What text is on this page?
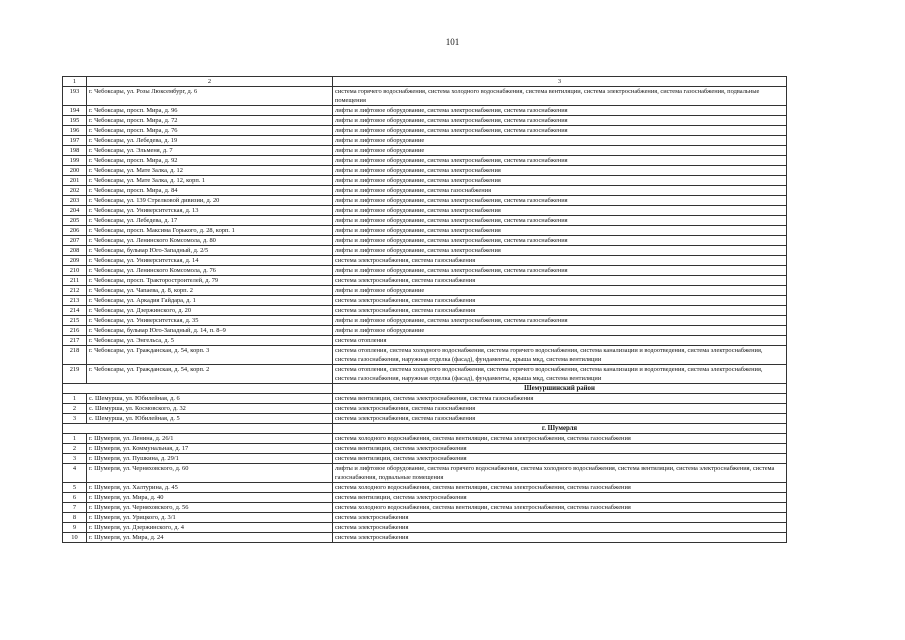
101
1	2	3
193	г. Чебоксары, ул. Розы Люксембург, д. 6	система горячего водоснабжения, система холодного водоснабжения, система вентиляции, система электроснабжения, система газоснабжения, подвальные помещения
194	г. Чебоксары, просп. Мира, д. 96	лифты и лифтовое оборудование, система электроснабжения, система газоснабжения
195	г. Чебоксары, просп. Мира, д. 72	лифты и лифтовое оборудование, система электроснабжения, система газоснабжения
196	г. Чебоксары, просп. Мира, д. 76	лифты и лифтовое оборудование, система электроснабжения, система газоснабжения
197	г. Чебоксары, ул. Лебедева, д. 19	лифты и лифтовое оборудование
198	г. Чебоксары, ул. Эльменя, д. 7	лифты и лифтовое оборудование
199	г. Чебоксары, просп. Мира, д. 92	лифты и лифтовое оборудование, система электроснабжения, система газоснабжения
200	г. Чебоксары, ул. Мате Залка, д. 12	лифты и лифтовое оборудование, система электроснабжения
201	г. Чебоксары, ул. Мате Залка, д. 12, корп. 1	лифты и лифтовое оборудование, система электроснабжения
202	г. Чебоксары, просп. Мира, д. 84	лифты и лифтовое оборудование, система газоснабжения
203	г. Чебоксары, ул. 139 Стрелковой дивизии, д. 20	лифты и лифтовое оборудование, система электроснабжения, система газоснабжения
204	г. Чебоксары, ул. Университетская, д. 13	лифты и лифтовое оборудование, система электроснабжения
205	г. Чебоксары, ул. Лебедева, д. 17	лифты и лифтовое оборудование, система электроснабжения, система газоснабжения
206	г. Чебоксары, просп. Максима Горького, д. 28, корп. 1	лифты и лифтовое оборудование, система электроснабжения
207	г. Чебоксары, ул. Ленинского Комсомола, д. 80	лифты и лифтовое оборудование, система электроснабжения, система газоснабжения
208	г. Чебоксары, бульвар Юго-Западный, д. 2/5	лифты и лифтовое оборудование, система электроснабжения
209	г. Чебоксары, ул. Университетская, д. 14	система электроснабжения, система газоснабжения
210	г. Чебоксары, ул. Ленинского Комсомола, д. 76	лифты и лифтовое оборудование, система электроснабжения, система газоснабжения
211	г. Чебоксары, просп. Тракторостроителей, д. 79	система электроснабжения, система газоснабжения
212	г. Чебоксары, ул. Чапаева, д. 8, корп. 2	лифты и лифтовое оборудование
213	г. Чебоксары, ул. Аркадия Гайдара, д. 1	система электроснабжения, система газоснабжения
214	г. Чебоксары, ул. Дзержинского, д. 20	система электроснабжения, система газоснабжения
215	г. Чебоксары, ул. Университетская, д. 35	лифты и лифтовое оборудование, система электроснабжения, система газоснабжения
216	г. Чебоксары, бульвар Юго-Западный, д. 14, п. 8–9	лифты и лифтовое оборудование
217	г. Чебоксары, ул. Энгельса, д. 5	система отопления
218	г. Чебоксары, ул. Гражданская, д. 54, корп. 3	система отопления, система холодного водоснабжения, система горячего водоснабжения, система канализации и водоотведения, система электроснабжения, система газоснабжения, наружная отделка (фасад), фундаменты, крыша мкд, система вентиляции
219	г. Чебоксары, ул. Гражданская, д. 54, корп. 2	система отопления, система холодного водоснабжения, система горячего водоснабжения, система канализации и водоотведения, система электроснабжения, система газоснабжения, наружная отделка (фасад), фундаменты, крыша мкд, система вентиляции
		Шемуршинский район
1	с. Шемурша, ул. Юбилейная, д. 6	система вентиляции, система электроснабжения, система газоснабжения
2	с. Шемурша, ул. Космовского, д. 32	система электроснабжения, система газоснабжения
3	с. Шемурша, ул. Юбилейная, д. 5	система электроснабжения, система газоснабжения
		г. Шумерля
1	г. Шумерля, ул. Ленина, д. 26/1	система холодного водоснабжения, система вентиляции, система электроснабжения, система газоснабжения
2	г. Шумерля, ул. Коммунальная, д. 17	система вентиляции, система электроснабжения
3	г. Шумерля, ул. Пушкина, д. 29/1	система вентиляции, система электроснабжения
4	г. Шумерля, ул. Черняховского, д. 60	лифты и лифтовое оборудование, система горячего водоснабжения, система холодного водоснабжения, система вентиляции, система электроснабжения, система газоснабжения, подвальные помещения
5	г. Шумерля, ул. Халтурина, д. 45	система холодного водоснабжения, система вентиляции, система электроснабжения, система газоснабжения
6	г. Шумерля, ул. Мира, д. 40	система вентиляции, система электроснабжения
7	г. Шумерля, ул. Черняховского, д. 56	система холодного водоснабжения, система вентиляции, система электроснабжения, система газоснабжения
8	г. Шумерля, ул. Урицкого, д. 3/1	система электроснабжения
9	г. Шумерля, ул. Дзержинского, д. 4	система электроснабжения
10	г. Шумерля, ул. Мира, д. 24	система электроснабжения
